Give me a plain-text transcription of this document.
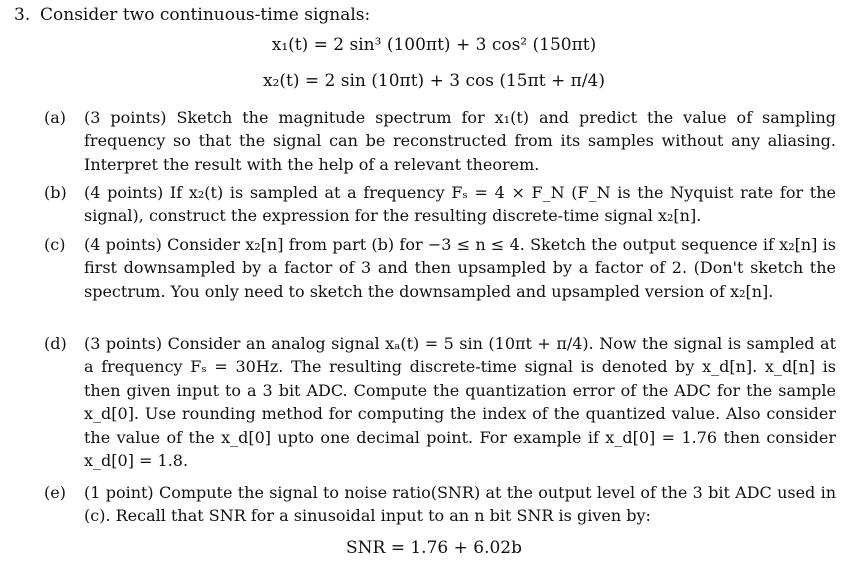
3. Consider two continuous-time signals:
x₁(t) = 2 sin³ (100πt) + 3 cos² (150πt)
x₂(t) = 2 sin (10πt) + 3 cos (15πt + π/4)
(a) (3 points) Sketch the magnitude spectrum for x₁(t) and predict the value of sampling frequency so that the signal can be reconstructed from its samples without any aliasing. Interpret the result with the help of a relevant theorem.
(b) (4 points) If x₂(t) is sampled at a frequency Fₛ = 4 × F_N (F_N is the Nyquist rate for the signal), construct the expression for the resulting discrete-time signal x₂[n].
(c) (4 points) Consider x₂[n] from part (b) for −3 ≤ n ≤ 4. Sketch the output sequence if x₂[n] is first downsampled by a factor of 3 and then upsampled by a factor of 2. (Don't sketch the spectrum. You only need to sketch the downsampled and upsampled version of x₂[n].
(d) (3 points) Consider an analog signal xₐ(t) = 5 sin (10πt + π/4). Now the signal is sampled at a frequency Fₛ = 30Hz. The resulting discrete-time signal is denoted by x_d[n]. x_d[n] is then given input to a 3 bit ADC. Compute the quantization error of the ADC for the sample x_d[0]. Use rounding method for computing the index of the quantized value. Also consider the value of the x_d[0] upto one decimal point. For example if x_d[0] = 1.76 then consider x_d[0] = 1.8.
(e) (1 point) Compute the signal to noise ratio(SNR) at the output level of the 3 bit ADC used in (c). Recall that SNR for a sinusoidal input to an n bit SNR is given by:
SNR = 1.76 + 6.02b
